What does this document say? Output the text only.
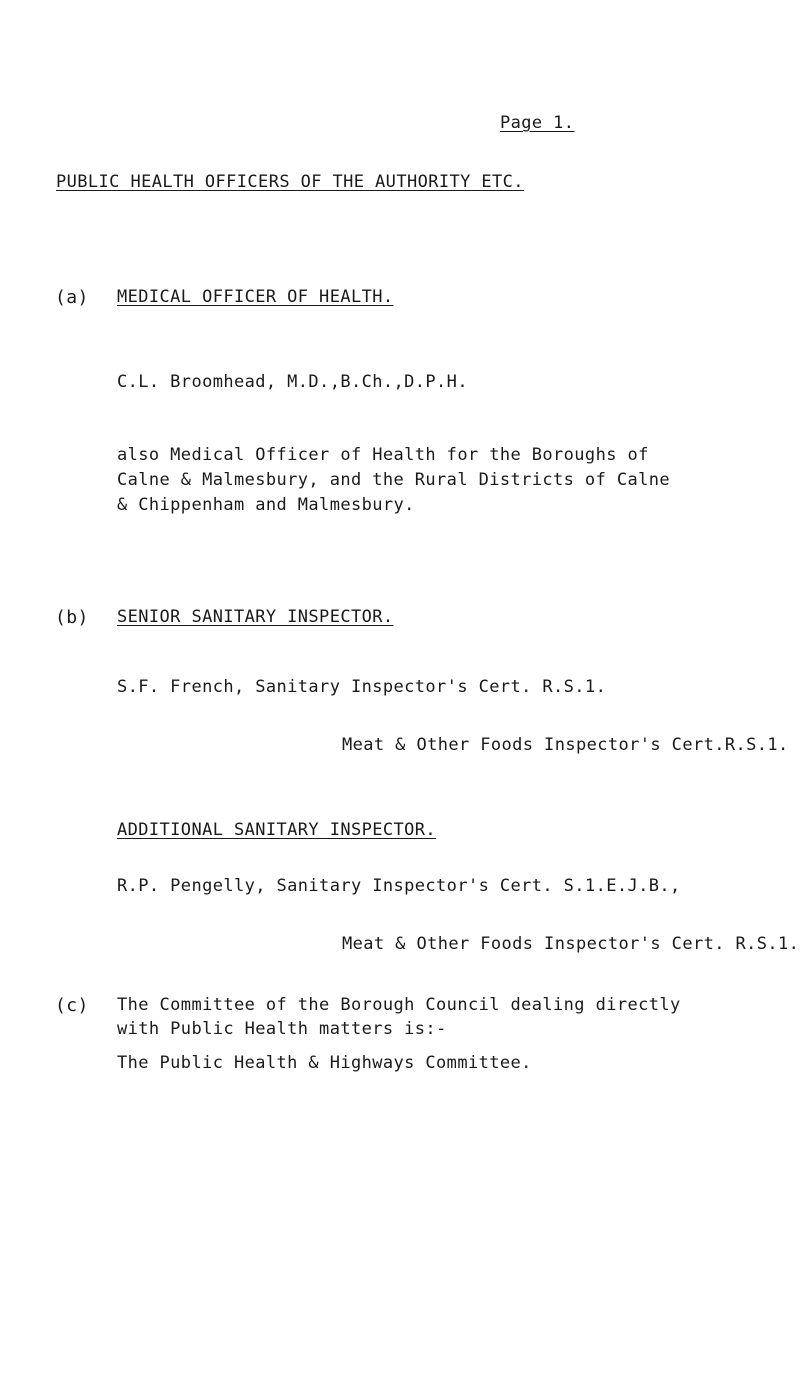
Page 1.
PUBLIC HEALTH OFFICERS OF THE AUTHORITY ETC.
(a) MEDICAL OFFICER OF HEALTH.
C.L. Broomhead, M.D.,B.Ch.,D.P.H.
also Medical Officer of Health for the Boroughs of
Calne & Malmesbury, and the Rural Districts of Calne
& Chippenham and Malmesbury.
(b) SENIOR SANITARY INSPECTOR.
S.F. French, Sanitary Inspector's Cert. R.S.1.
Meat & Other Foods Inspector's Cert.R.S.1.
ADDITIONAL SANITARY INSPECTOR.
R.P. Pengelly, Sanitary Inspector's Cert. S.1.E.J.B.,
Meat & Other Foods Inspector's Cert. R.S.1.
(c) The Committee of the Borough Council dealing directly
with Public Health matters is:-
The Public Health & Highways Committee.
